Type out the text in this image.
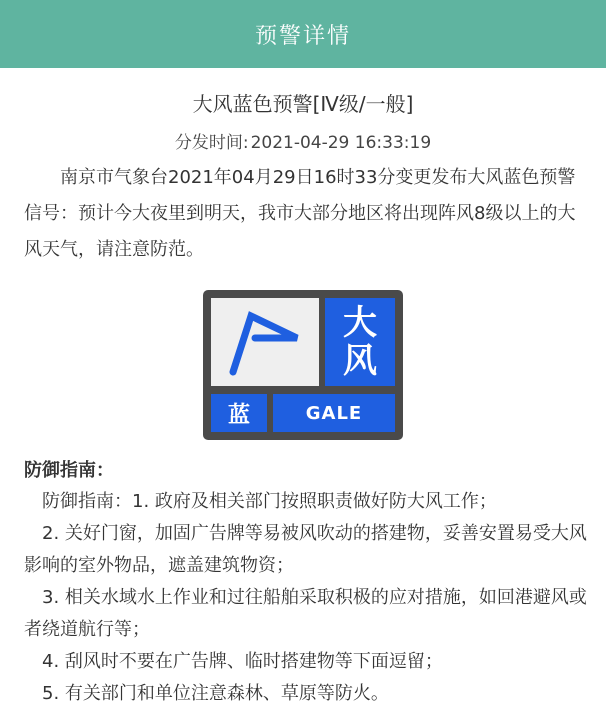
预警详情
大风蓝色预警[Ⅳ级/一般]
分发时间: 2021-04-29 16:33:19

南京市气象台2021年04月29日16时33分变更发布大风蓝色预警信号：预计今大夜里到明天，我市大部分地区将出现阵风8级以上的大风天气，请注意防范。

大
风
蓝	GALE
防御指南：
防御指南：1. 政府及相关部门按照职责做好防大风工作；
2. 关好门窗，加固广告牌等易被风吹动的搭建物，妥善安置易受大风影响的室外物品，遮盖建筑物资；
3. 相关水域水上作业和过往船舶采取积极的应对措施，如回港避风或者绕道航行等；
4. 刮风时不要在广告牌、临时搭建物等下面逗留；
5. 有关部门和单位注意森林、草原等防火。
